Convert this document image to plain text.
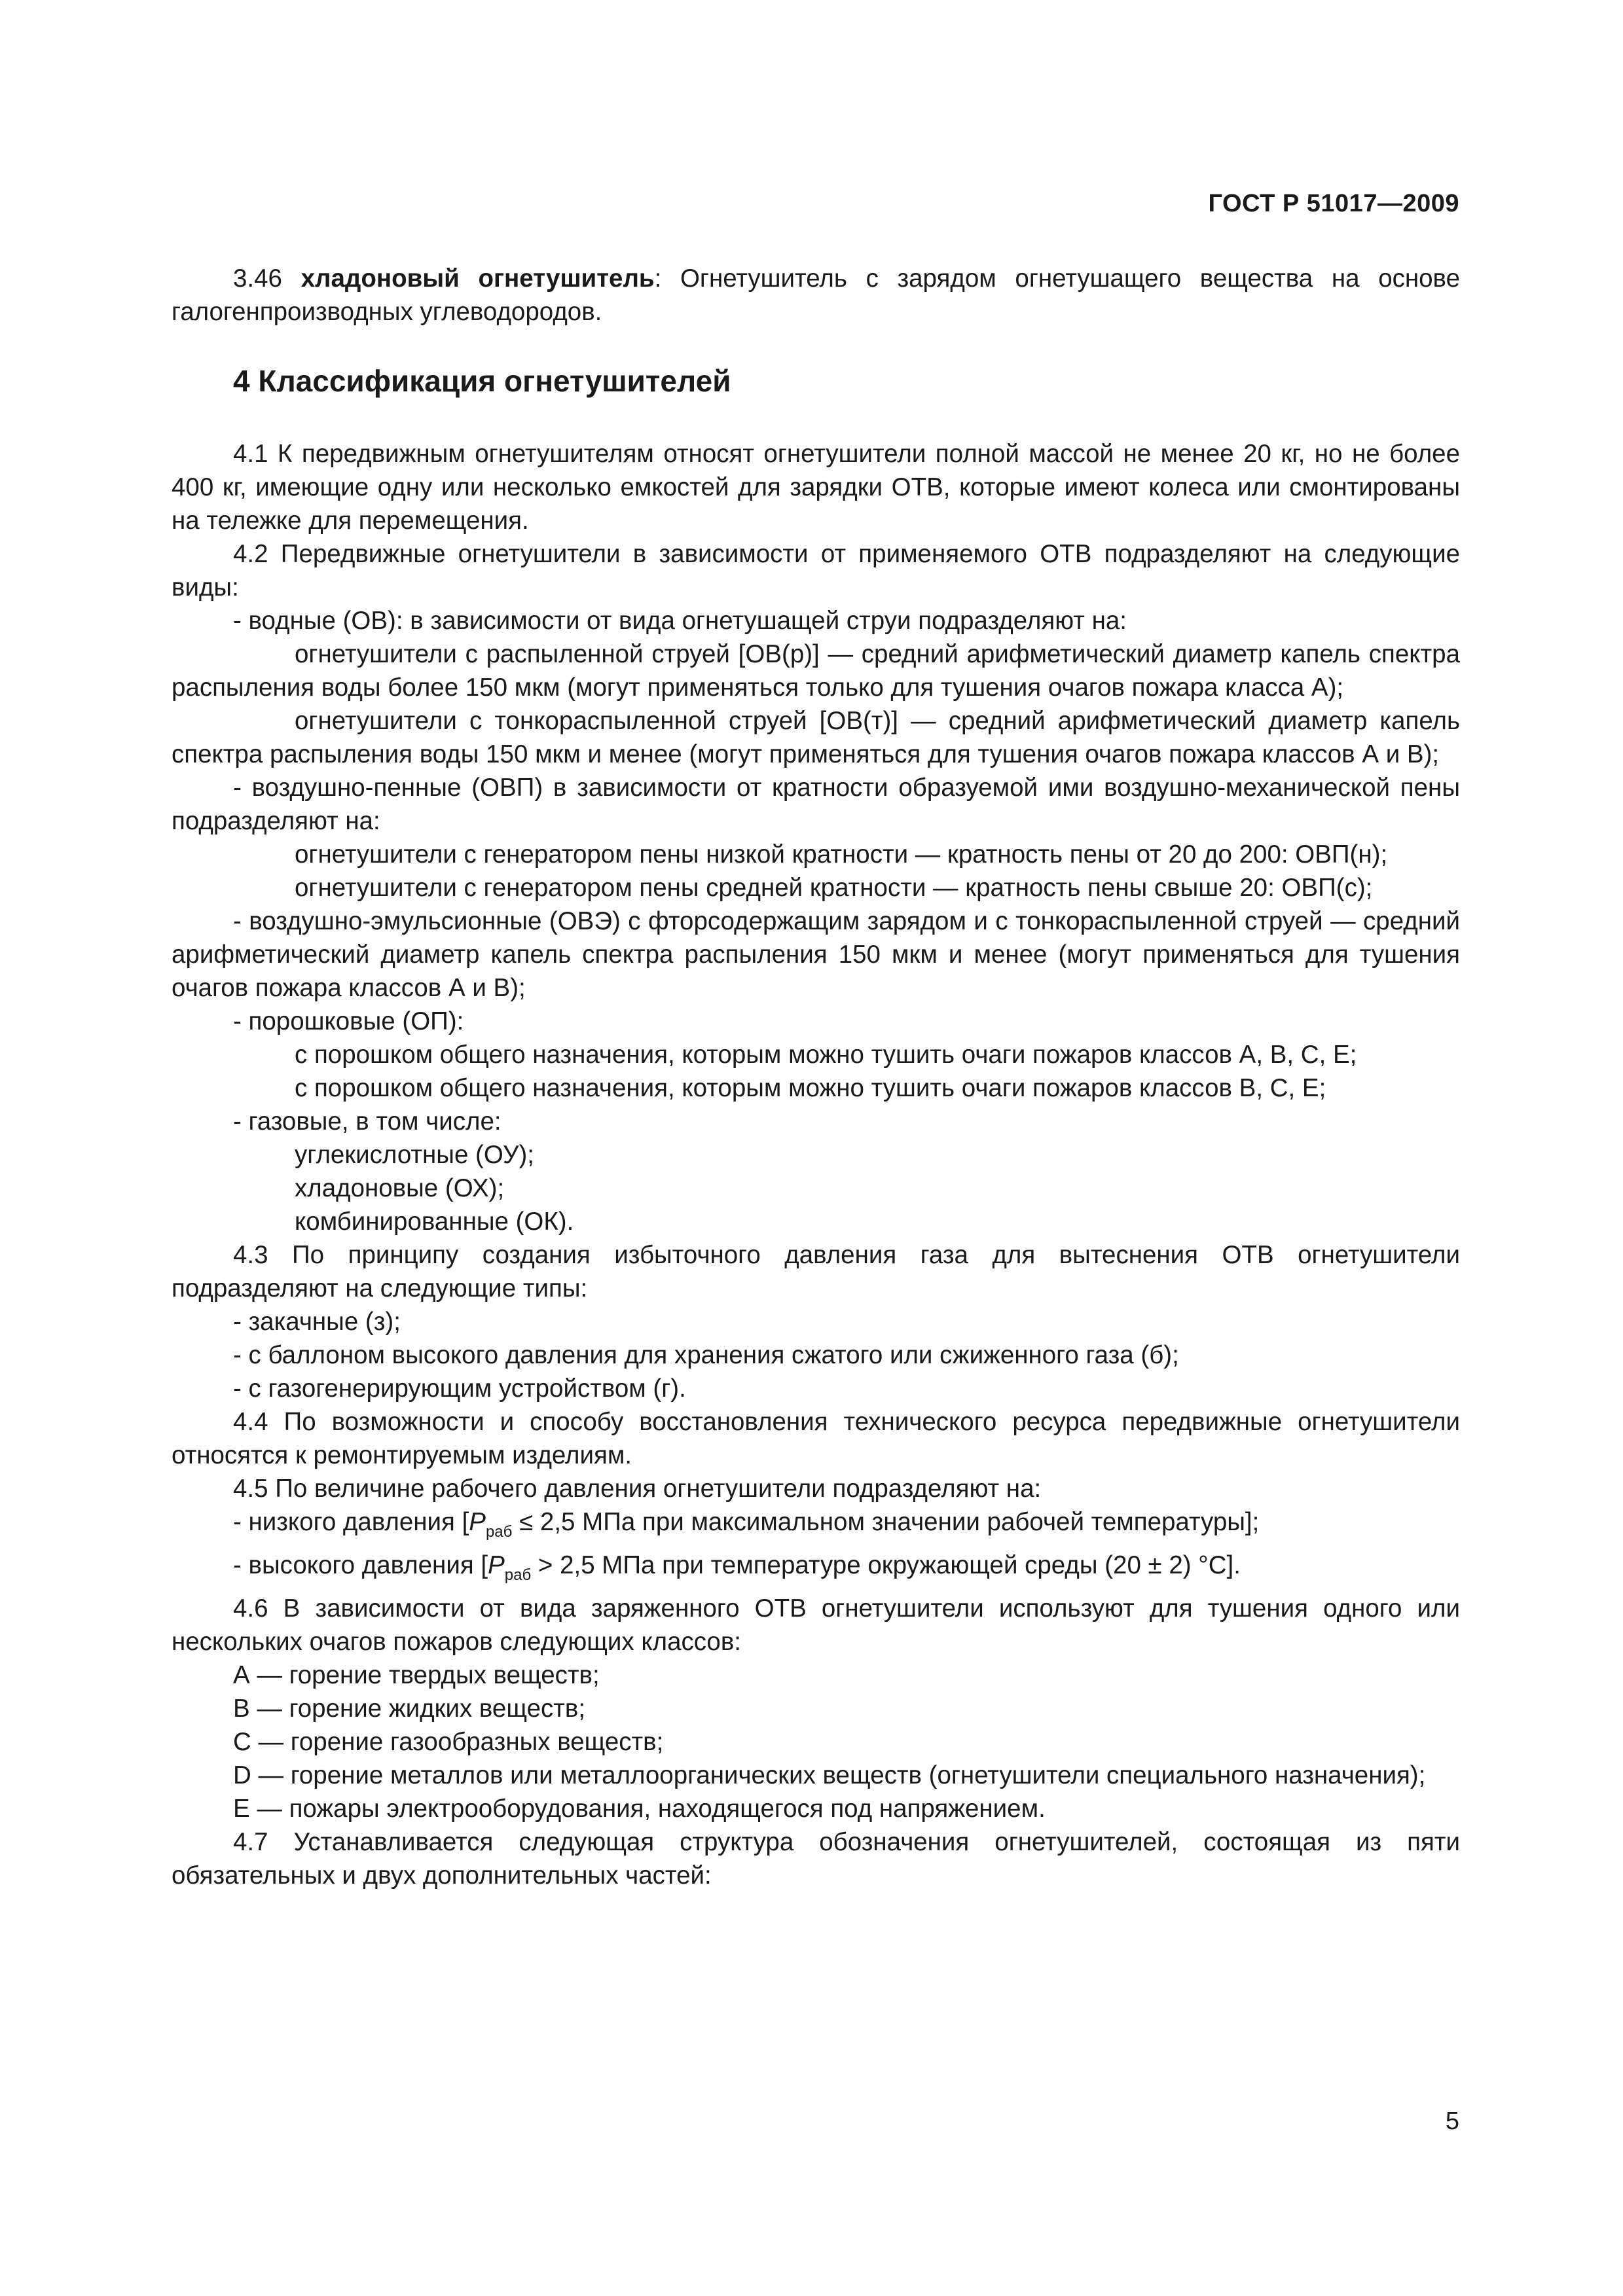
ГОСТ Р 51017—2009

3.46 хладоновый огнетушитель: Огнетушитель с зарядом огнетушащего вещества на основе галогенпроизводных углеводородов.

4 Классификация огнетушителей

4.1 К передвижным огнетушителям относят огнетушители полной массой не менее 20 кг, но не более 400 кг, имеющие одну или несколько емкостей для зарядки ОТВ, которые имеют колеса или смонтированы на тележке для перемещения.

4.2 Передвижные огнетушители в зависимости от применяемого ОТВ подразделяют на следующие виды:

- водные (ОВ): в зависимости от вида огнетушащей струи подразделяют на:

огнетушители с распыленной струей [ОВ(р)] — средний арифметический диаметр капель спектра распыления воды более 150 мкм (могут применяться только для тушения очагов пожара класса А);

огнетушители с тонкораспыленной струей [ОВ(т)] — средний арифметический диаметр капель спектра распыления воды 150 мкм и менее (могут применяться для тушения очагов пожара классов А и В);

- воздушно-пенные (ОВП) в зависимости от кратности образуемой ими воздушно-механической пены подразделяют на:

огнетушители с генератором пены низкой кратности — кратность пены от 20 до 200: ОВП(н);

огнетушители с генератором пены средней кратности — кратность пены свыше 20: ОВП(с);

- воздушно-эмульсионные (ОВЭ) с фторсодержащим зарядом и с тонкораспыленной струей — средний арифметический диаметр капель спектра распыления 150 мкм и менее (могут применяться для тушения очагов пожара классов А и В);

- порошковые (ОП):

с порошком общего назначения, которым можно тушить очаги пожаров классов А, В, С, Е;

с порошком общего назначения, которым можно тушить очаги пожаров классов В, С, Е;

- газовые, в том числе:

углекислотные (ОУ);

хладоновые (ОХ);

комбинированные (ОК).

4.3 По принципу создания избыточного давления газа для вытеснения ОТВ огнетушители подразделяют на следующие типы:

- закачные (з);

- с баллоном высокого давления для хранения сжатого или сжиженного газа (б);

- с газогенерирующим устройством (г).

4.4 По возможности и способу восстановления технического ресурса передвижные огнетушители относятся к ремонтируемым изделиям.

4.5 По величине рабочего давления огнетушители подразделяют на:

- низкого давления [$P_{раб} \le 2,5$ МПа при максимальном значении рабочей температуры];

- высокого давления [$P_{раб} > 2,5$ МПа при температуре окружающей среды (20 ± 2) °С].

4.6 В зависимости от вида заряженного ОТВ огнетушители используют для тушения одного или нескольких очагов пожаров следующих классов:

А — горение твердых веществ;

В — горение жидких веществ;

С — горение газообразных веществ;

D — горение металлов или металлоорганических веществ (огнетушители специального назначения);

Е — пожары электрооборудования, находящегося под напряжением.

4.7 Устанавливается следующая структура обозначения огнетушителей, состоящая из пяти обязательных и двух дополнительных частей:

5
